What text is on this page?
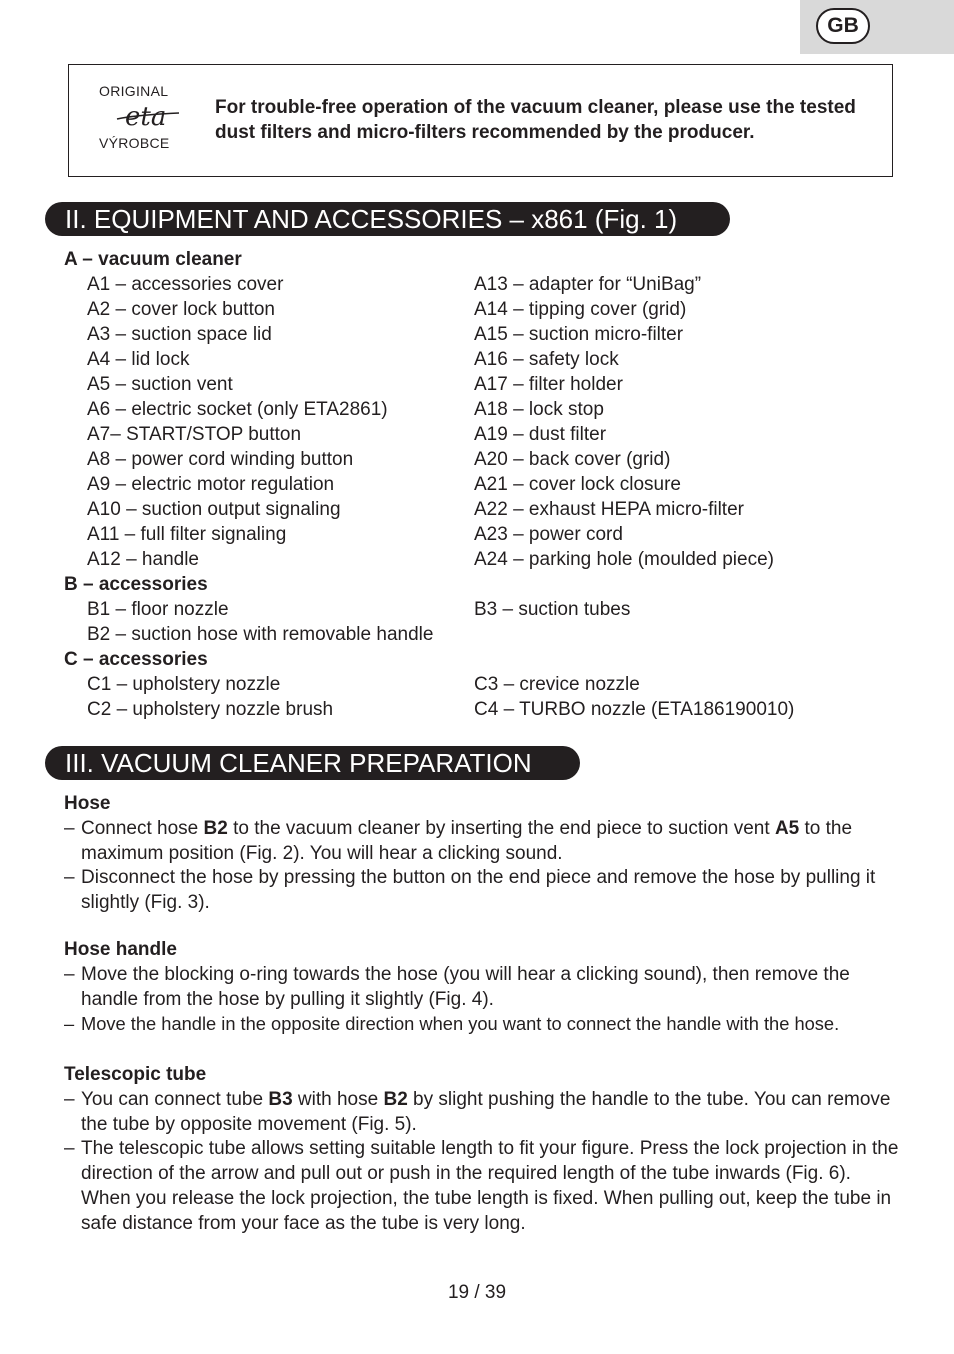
GB
ORIGINAL
eta
VÝROBCE
For trouble-free operation of the vacuum cleaner, please use the tested dust filters and micro-filters recommended by the producer.
II. EQUIPMENT AND ACCESSORIES – x861 (Fig. 1)
A – vacuum cleaner
A1 – accessories cover
A2 – cover lock button
A3 – suction space lid
A4 – lid lock
A5 – suction vent
A6 – electric socket (only ETA2861)
A7– START/STOP button
A8 – power cord winding button
A9 – electric motor regulation
A10 – suction output signaling
A11 – full filter signaling
A12 – handle
A13 – adapter for “UniBag”
A14 – tipping cover (grid)
A15 – suction micro-filter
A16 – safety lock
A17 – filter holder
A18 – lock stop
A19 – dust filter
A20 – back cover (grid)
A21 – cover lock closure
A22 – exhaust HEPA micro-filter
A23 – power cord
A24 – parking hole (moulded piece)
B – accessories
B1 – floor nozzle
B2 – suction hose with removable handle
B3 – suction tubes
C – accessories
C1 – upholstery nozzle
C2 – upholstery nozzle brush
C3 – crevice nozzle
C4 – TURBO nozzle (ETA186190010)
III. VACUUM CLEANER PREPARATION
Hose
– Connect hose B2 to the vacuum cleaner by inserting the end piece to suction vent A5 to the maximum position (Fig. 2). You will hear a clicking sound.
– Disconnect the hose by pressing the button on the end piece and remove the hose by pulling it slightly (Fig. 3).
Hose handle
– Move the blocking o-ring towards the hose (you will hear a clicking sound), then remove the handle from the hose by pulling it slightly (Fig. 4).
– Move the handle in the opposite direction when you want to connect the handle with the hose.
Telescopic tube
– You can connect tube B3 with hose B2 by slight pushing the handle to the tube. You can remove the tube by opposite movement (Fig. 5).
– The telescopic tube allows setting suitable length to fit your figure. Press the lock projection in the direction of the arrow and pull out or push in the required length of the tube inwards (Fig. 6). When you release the lock projection, the tube length is fixed. When pulling out, keep the tube in safe distance from your face as the tube is very long.
19 / 39
